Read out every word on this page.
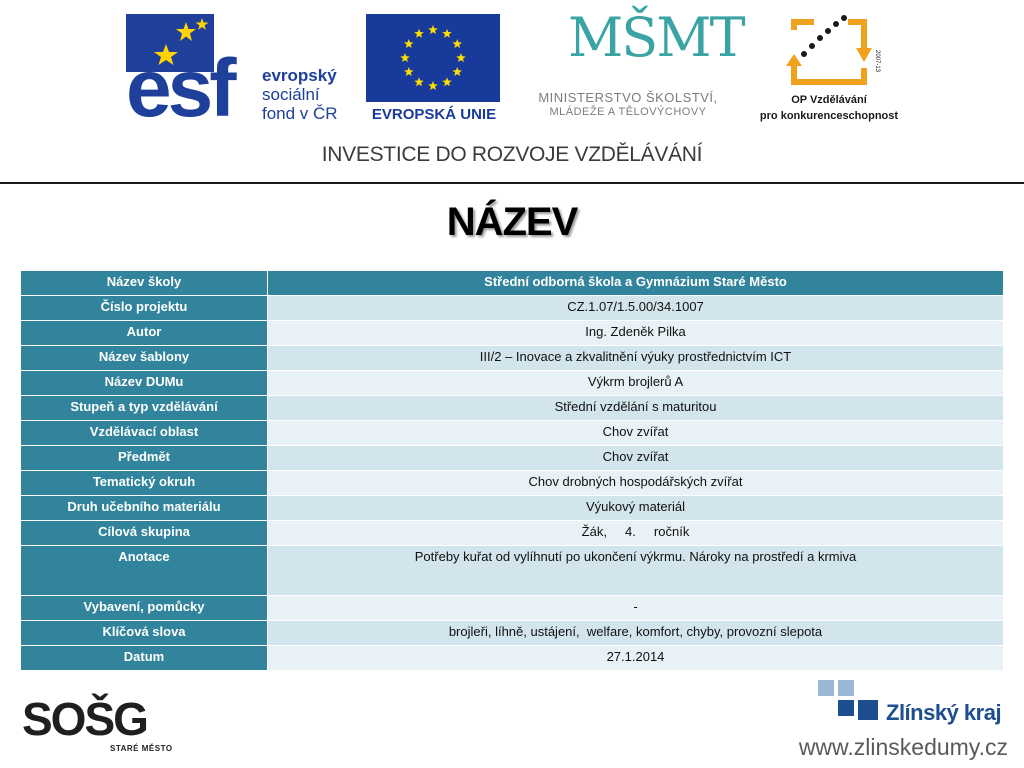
esf evropský
sociální
fond v ČR	EVROPSKÁ UNIE
MŠMT
MINISTERSTVO ŠKOLSTVÍ,
MLÁDEŽE A TĚLOVÝCHOVY
2007-13
OP Vzdělávání
pro konkurenceschopnost
INVESTICE DO ROZVOJE VZDĚLÁVÁNÍ
NÁZEV
Název školy	Střední odborná škola a Gymnázium Staré Město
Číslo projektu	CZ.1.07/1.5.00/34.1007
Autor	Ing. Zdeněk Pilka
Název šablony	III/2 – Inovace a zkvalitnění výuky prostřednictvím ICT
Název DUMu	Výkrm brojlerů A
Stupeň a typ vzdělávání	Střední vzdělání s maturitou
Vzdělávací oblast	Chov zvířat
Předmět	Chov zvířat
Tematický okruh	Chov drobných hospodářských zvířat
Druh učebního materiálu	Výukový materiál
Cílová skupina	Žák,     4.     ročník
Anotace	Potřeby kuřat od vylíhnutí po ukončení výkrmu. Nároky na prostředí a krmiva
Vybavení, pomůcky	-
Klíčová slova	brojleři, líhně, ustájení,  welfare, komfort, chyby, provozní slepota
Datum	27.1.2014
SOŠG
STARÉ MĚSTO
Zlínský kraj
www.zlinskedumy.cz
